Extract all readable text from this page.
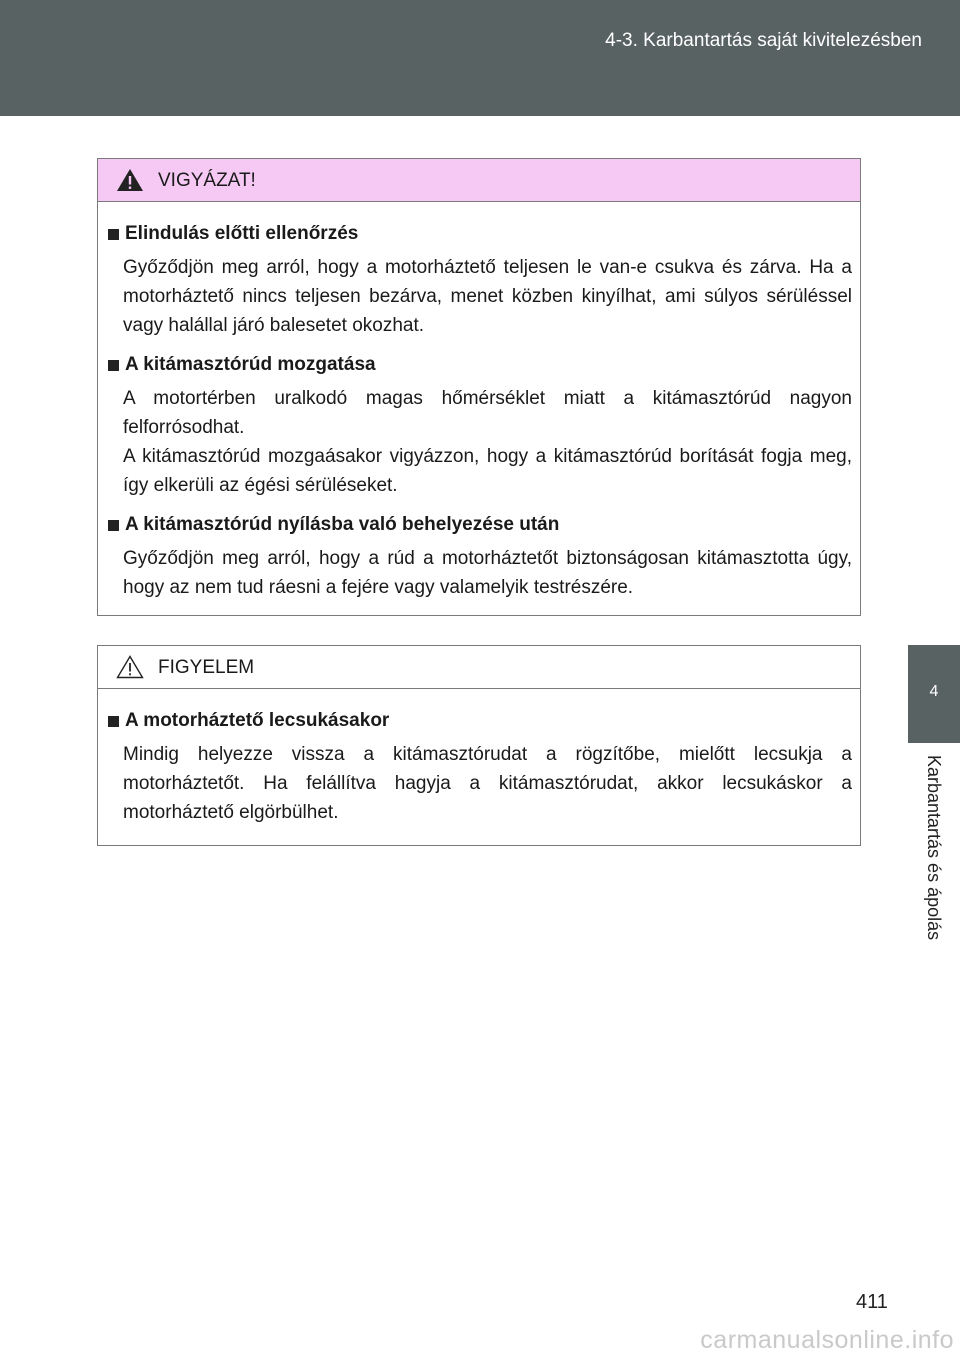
4-3. Karbantartás saját kivitelezésben
4
Karbantartás és ápolás
VIGYÁZAT!
Elindulás előtti ellenőrzés

Győződjön meg arról, hogy a motorháztető teljesen le van-e csukva és zárva. Ha a motorháztető nincs teljesen bezárva, menet közben kinyílhat, ami súlyos sérüléssel vagy halállal járó balesetet okozhat.

A kitámasztórúd mozgatása

A motortérben uralkodó magas hőmérséklet miatt a kitámasztórúd nagyon felforrósodhat.

A kitámasztórúd mozgaásakor vigyázzon, hogy a kitámasztórúd borítását fogja meg, így elkerüli az égési sérüléseket.

A kitámasztórúd nyílásba való behelyezése után

Győződjön meg arról, hogy a rúd a motorháztetőt biztonságosan kitámasztotta úgy, hogy az nem tud ráesni a fejére vagy valamelyik testrészére.

FIGYELEM
A motorháztető lecsukásakor

Mindig helyezze vissza a kitámasztórudat a rögzítőbe, mielőtt lecsukja a motorháztetőt. Ha felállítva hagyja a kitámasztórudat, akkor lecsukáskor a motorháztető elgörbülhet.

411
carmanualsonline.info
